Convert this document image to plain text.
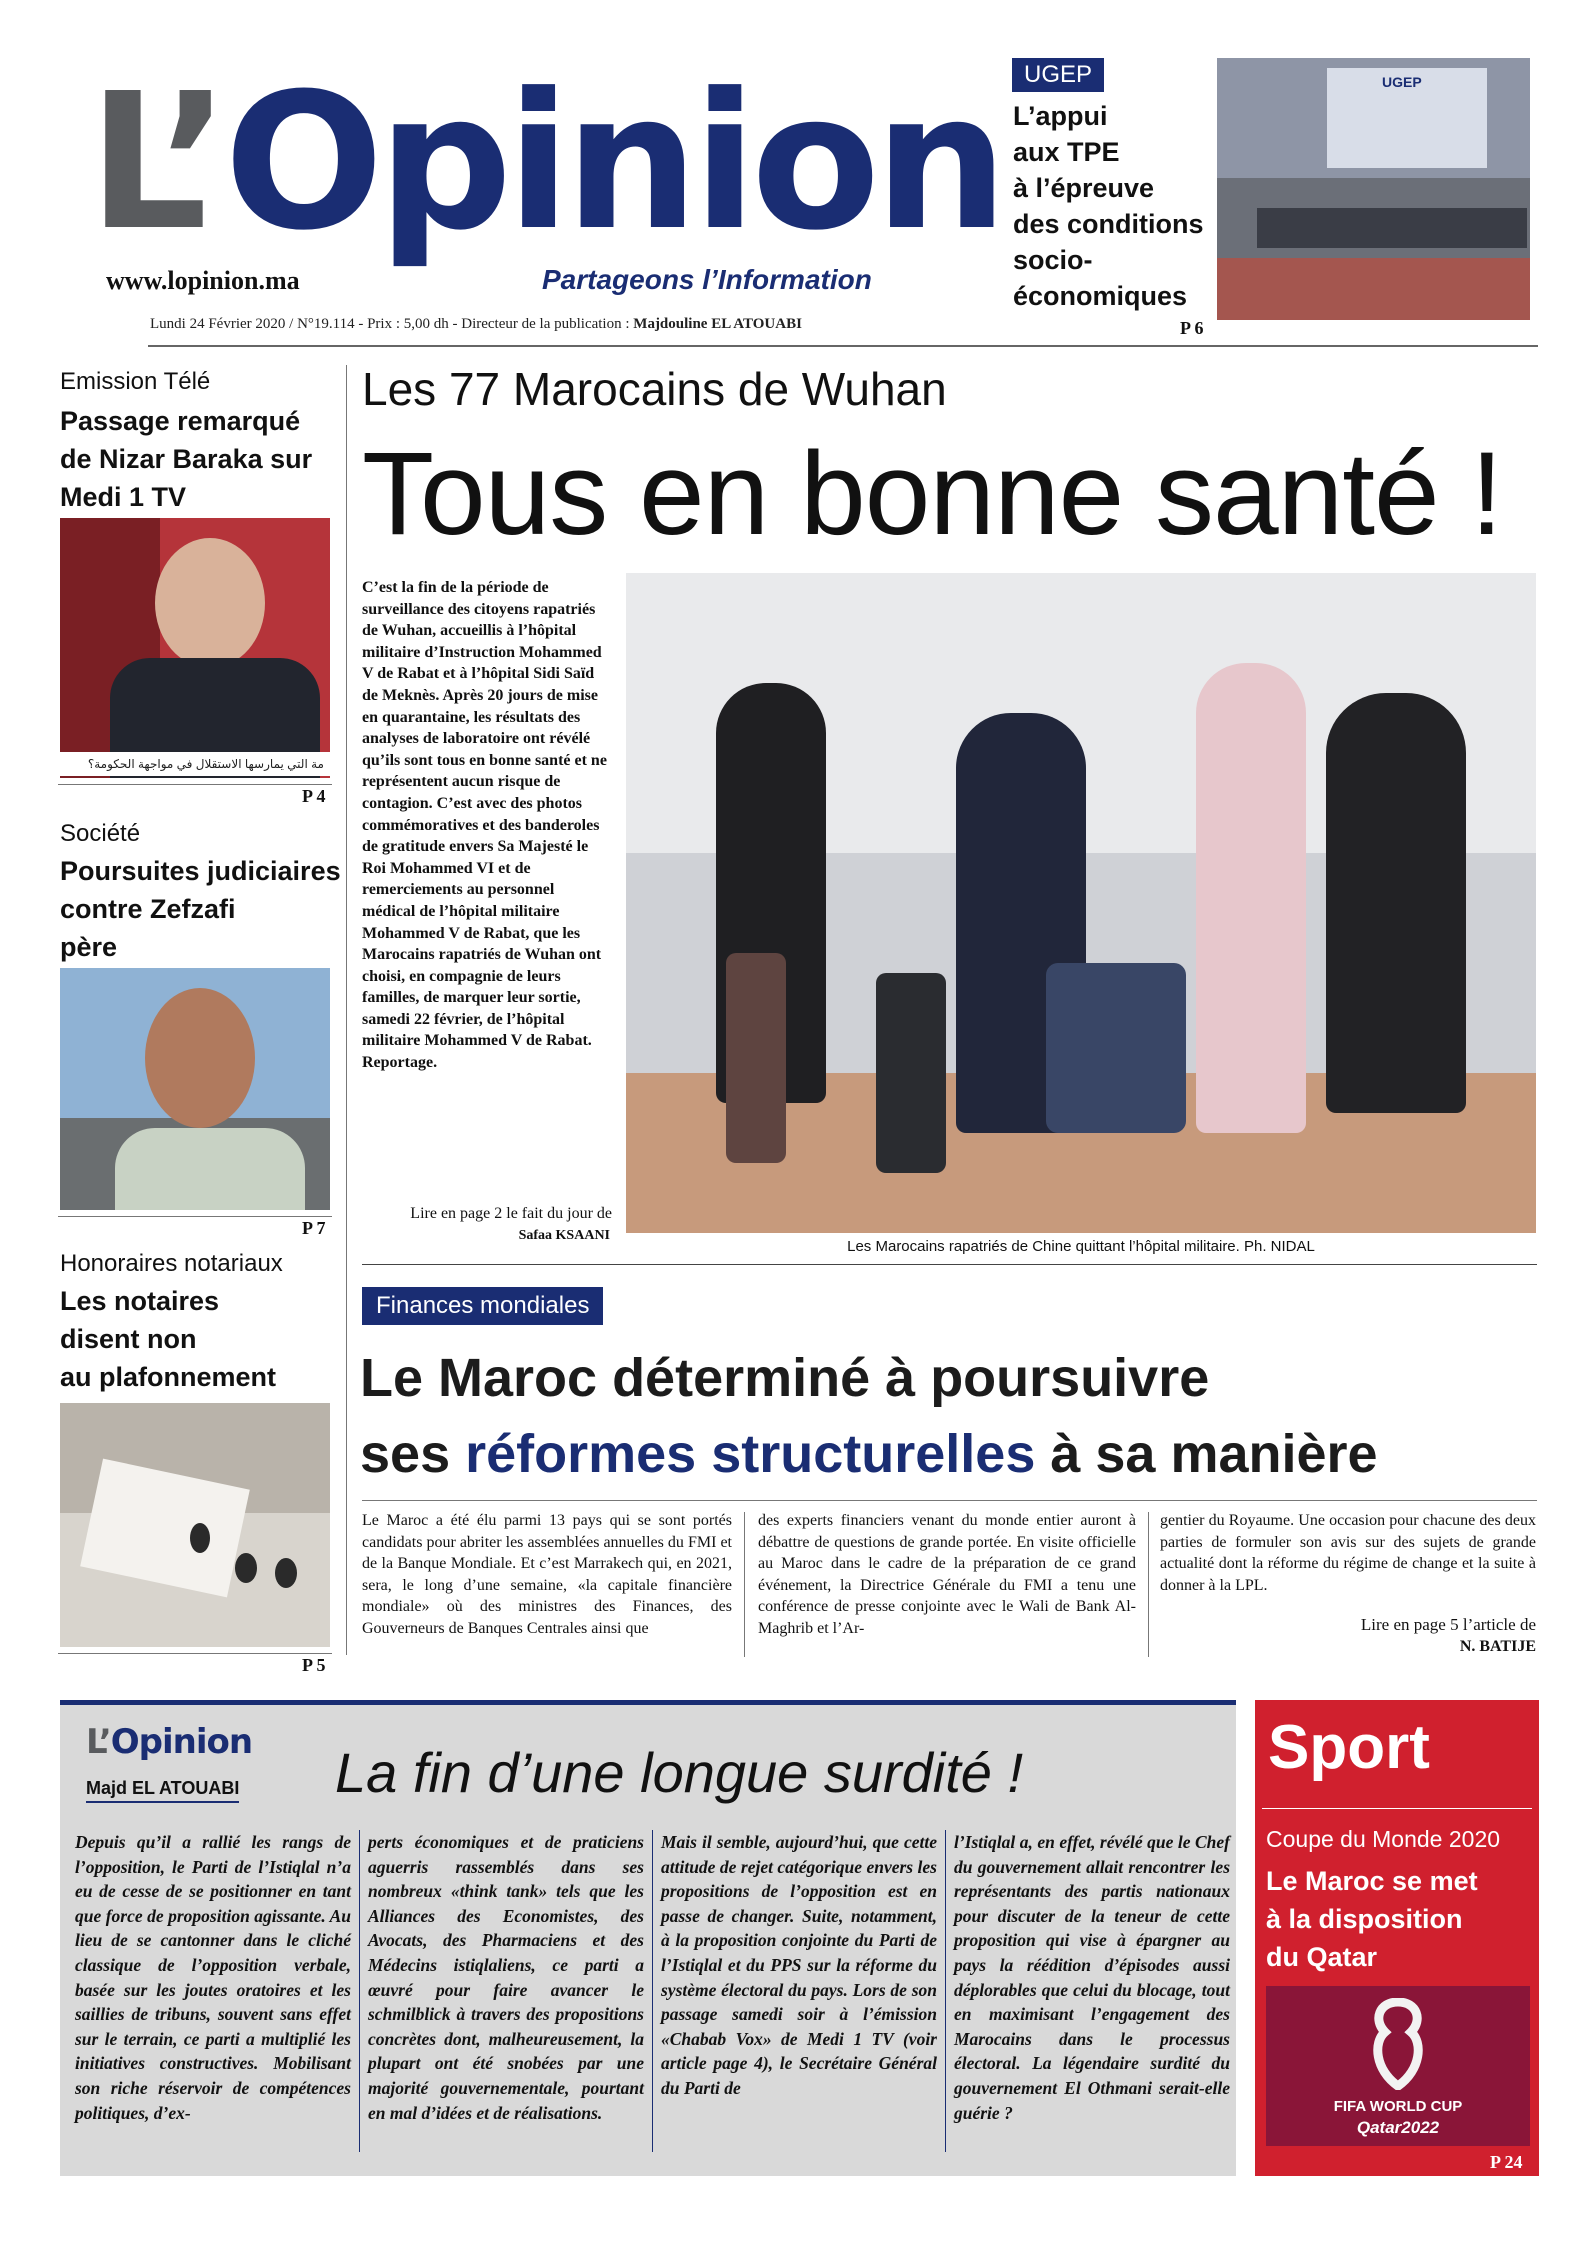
L’Opinion
www.lopinion.ma	Partageons l’Information
Lundi 24 Février 2020 / N°19.114 - Prix : 5,00 dh - Directeur de la publication : Majdouline EL ATOUABI
UGEP
L’appui
aux TPE
à l’épreuve
des conditions
socio-
économiques
UGEP
P 6
Emission Télé
Passage remarqué
de Nizar Baraka sur
Medi 1 TV
مة التي يمارسها الاستقلال في مواجهة الحكومة؟
P 4
Société
Poursuites judiciaires
contre Zefzafi
père
P 7
Honoraires notariaux
Les notaires
disent non
au plafonnement
P 5
Les 77 Marocains de Wuhan
Tous en bonne santé !
C’est la fin de la période de surveillance des citoyens rapatriés de Wuhan, accueillis à l’hôpital militaire d’Instruction Mohammed V de Rabat et à l’hôpital Sidi Saïd de Meknès. Après 20 jours de mise en quarantaine, les résultats des analyses de laboratoire ont révélé qu’ils sont tous en bonne santé et ne représentent aucun risque de contagion. C’est avec des photos commémoratives et des banderoles de gratitude envers Sa Majesté le Roi Mohammed VI et de remerciements au personnel médical de l’hôpital militaire Mohammed V de Rabat, que les Marocains rapatriés de Wuhan ont choisi, en compagnie de leurs familles, de marquer leur sortie, samedi 22 février, de l’hôpital militaire Mohammed V de Rabat. Reportage.
Lire en page 2 le fait du jour de
Safaa KSAANI
Les Marocains rapatriés de Chine quittant l’hôpital militaire. Ph. NIDAL
Finances mondiales
Le Maroc déterminé à poursuivre
ses réformes structurelles à sa manière
Le Maroc a été élu parmi 13 pays qui se sont portés candidats pour abriter les assemblées annuelles du FMI et de la Banque Mondiale. Et c’est Marrakech qui, en 2021, sera, le long d’une semaine, «la capitale financière mondiale» où des ministres des Finances, des Gouverneurs de Banques Centrales ainsi que
des experts financiers venant du monde entier auront à débattre de questions de grande portée. En visite officielle au Maroc dans le cadre de la préparation de ce grand événement, la Directrice Générale du FMI a tenu une conférence de presse conjointe avec le Wali de Bank Al-Maghrib et l’Ar-
gentier du Royaume. Une occasion pour chacune des deux parties de formuler son avis sur des sujets de grande actualité dont la réforme du régime de change et la suite à donner à la LPL.
Lire en page 5 l’article de
N. BATIJE
L’Opinion
Majd EL ATOUABI La fin d’une longue surdité !
Depuis qu’il a rallié les rangs de l’opposition, le Parti de l’Istiqlal n’a eu de cesse de se positionner en tant que force de proposition agissante. Au lieu de se cantonner dans le cliché classique de l’opposition verbale, basée sur les joutes oratoires et les saillies de tribuns, souvent sans effet sur le terrain, ce parti a multiplié les initiatives constructives. Mobilisant son riche réservoir de compétences politiques, d’ex-
perts économiques et de praticiens aguerris rassemblés dans ses nombreux «think tank» tels que les Alliances des Economistes, des Avocats, des Pharmaciens et des Médecins istiqlaliens, ce parti a œuvré pour faire avancer le schmilblick à travers des propositions concrètes dont, malheureusement, la plupart ont été snobées par une majorité gouvernementale, pourtant en mal d’idées et de réalisations.
Mais il semble, aujourd’hui, que cette attitude de rejet catégorique envers les propositions de l’opposition est en passe de changer. Suite, notamment, à la proposition conjointe du Parti de l’Istiqlal et du PPS sur la réforme du système électoral du pays. Lors de son passage samedi soir à l’émission «Chabab Vox» de Medi 1 TV (voir article page 4), le Secrétaire Général du Parti de
l’Istiqlal a, en effet, révélé que le Chef du gouvernement allait rencontrer les représentants des partis nationaux pour discuter de la teneur de cette proposition qui vise à épargner au pays la réédition d’épisodes aussi déplorables que celui du blocage, tout en maximisant l’engagement des Marocains dans le processus électoral. La légendaire surdité du gouvernement El Othmani serait-elle guérie ?
Sport
Coupe du Monde 2020
Le Maroc se met
à la disposition
du Qatar
FIFA WORLD CUP
Qatar2022
P 24
